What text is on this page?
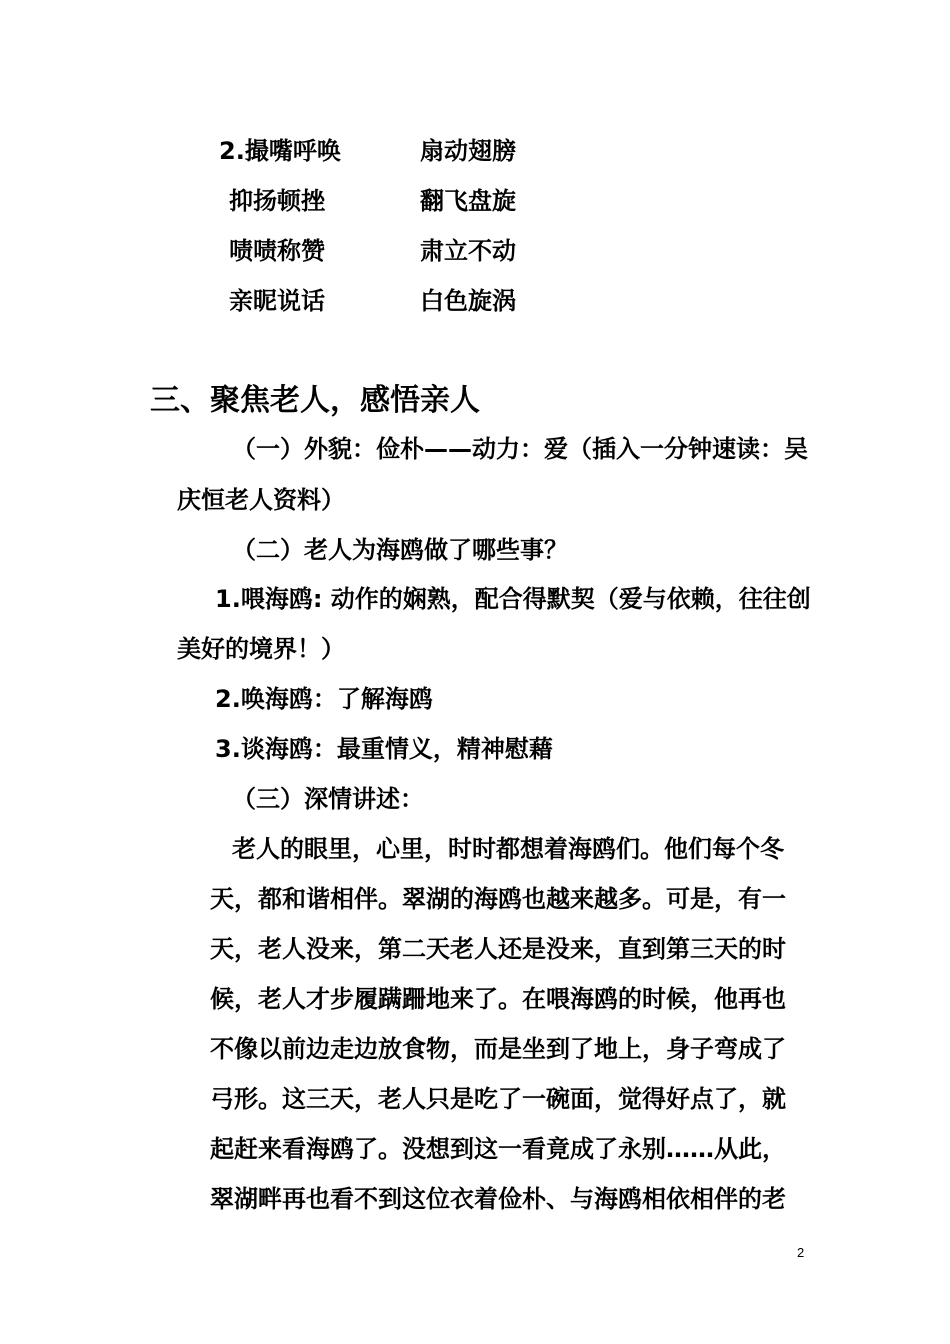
2.撮嘴呼唤	扇动翅膀
抑扬顿挫	翻飞盘旋
啧啧称赞	肃立不动
亲昵说话	白色旋涡
三、聚焦老人，感悟亲人
（一）外貌：俭朴——动力：爱（插入一分钟速读：吴
庆恒老人资料）
（二）老人为海鸥做了哪些事？
1.喂海鸥: 动作的娴熟，配合得默契（爱与依赖，往往创
美好的境界！）
2.唤海鸥：了解海鸥
3.谈海鸥：最重情义，精神慰藉
（三）深情讲述：
老人的眼里，心里，时时都想着海鸥们。他们每个冬
天，都和谐相伴。翠湖的海鸥也越来越多。可是，有一
天，老人没来，第二天老人还是没来，直到第三天的时
候，老人才步履蹒跚地来了。在喂海鸥的时候，他再也
不像以前边走边放食物，而是坐到了地上，身子弯成了
弓形。这三天，老人只是吃了一碗面，觉得好点了，就
起赶来看海鸥了。没想到这一看竟成了永别……从此，
翠湖畔再也看不到这位衣着俭朴、与海鸥相依相伴的老
2
